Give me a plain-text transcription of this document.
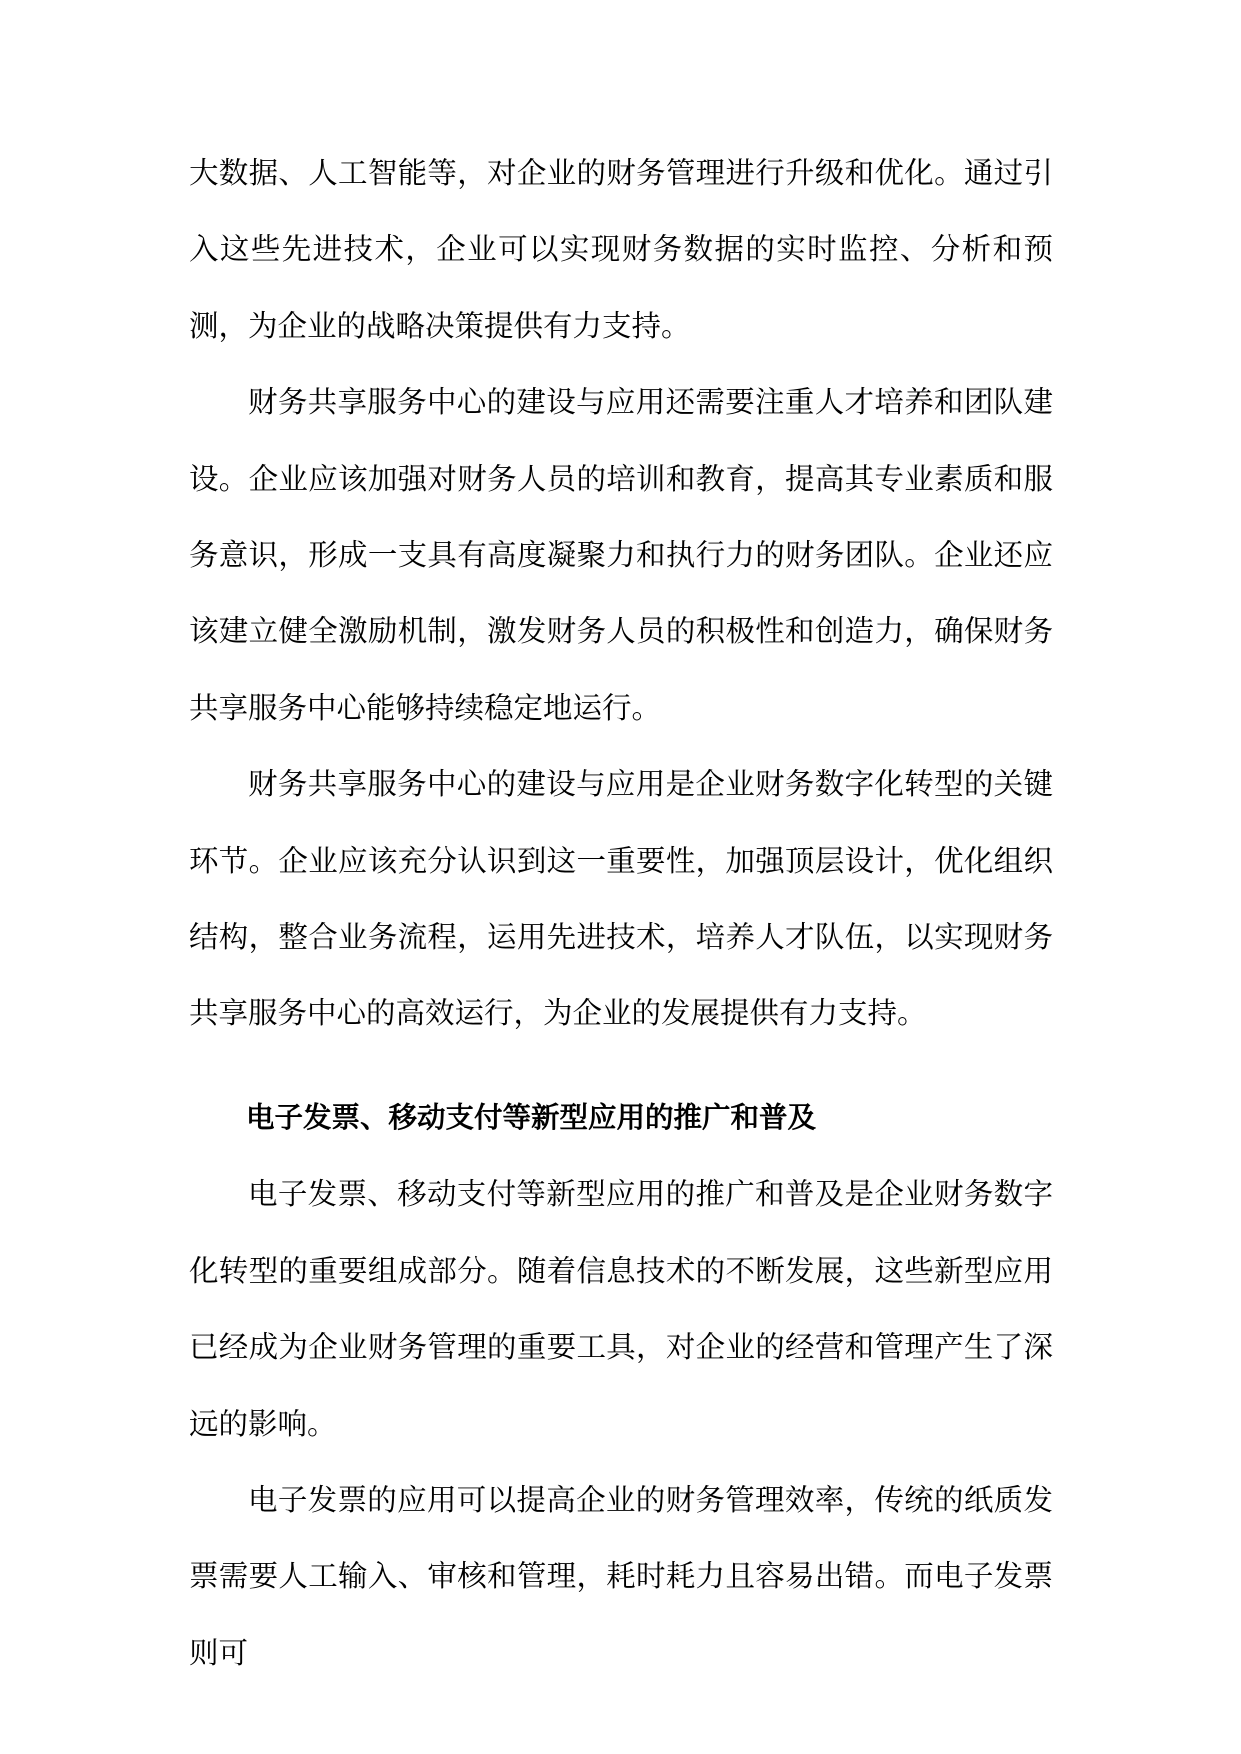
大数据、人工智能等，对企业的财务管理进行升级和优化。通过引入这些先进技术，企业可以实现财务数据的实时监控、分析和预测，为企业的战略决策提供有力支持。

财务共享服务中心的建设与应用还需要注重人才培养和团队建设。企业应该加强对财务人员的培训和教育，提高其专业素质和服务意识，形成一支具有高度凝聚力和执行力的财务团队。企业还应该建立健全激励机制，激发财务人员的积极性和创造力，确保财务共享服务中心能够持续稳定地运行。

财务共享服务中心的建设与应用是企业财务数字化转型的关键环节。企业应该充分认识到这一重要性，加强顶层设计，优化组织结构，整合业务流程，运用先进技术，培养人才队伍，以实现财务共享服务中心的高效运行，为企业的发展提供有力支持。

电子发票、移动支付等新型应用的推广和普及

电子发票、移动支付等新型应用的推广和普及是企业财务数字化转型的重要组成部分。随着信息技术的不断发展，这些新型应用已经成为企业财务管理的重要工具，对企业的经营和管理产生了深远的影响。

电子发票的应用可以提高企业的财务管理效率，传统的纸质发票需要人工输入、审核和管理，耗时耗力且容易出错。而电子发票则可
